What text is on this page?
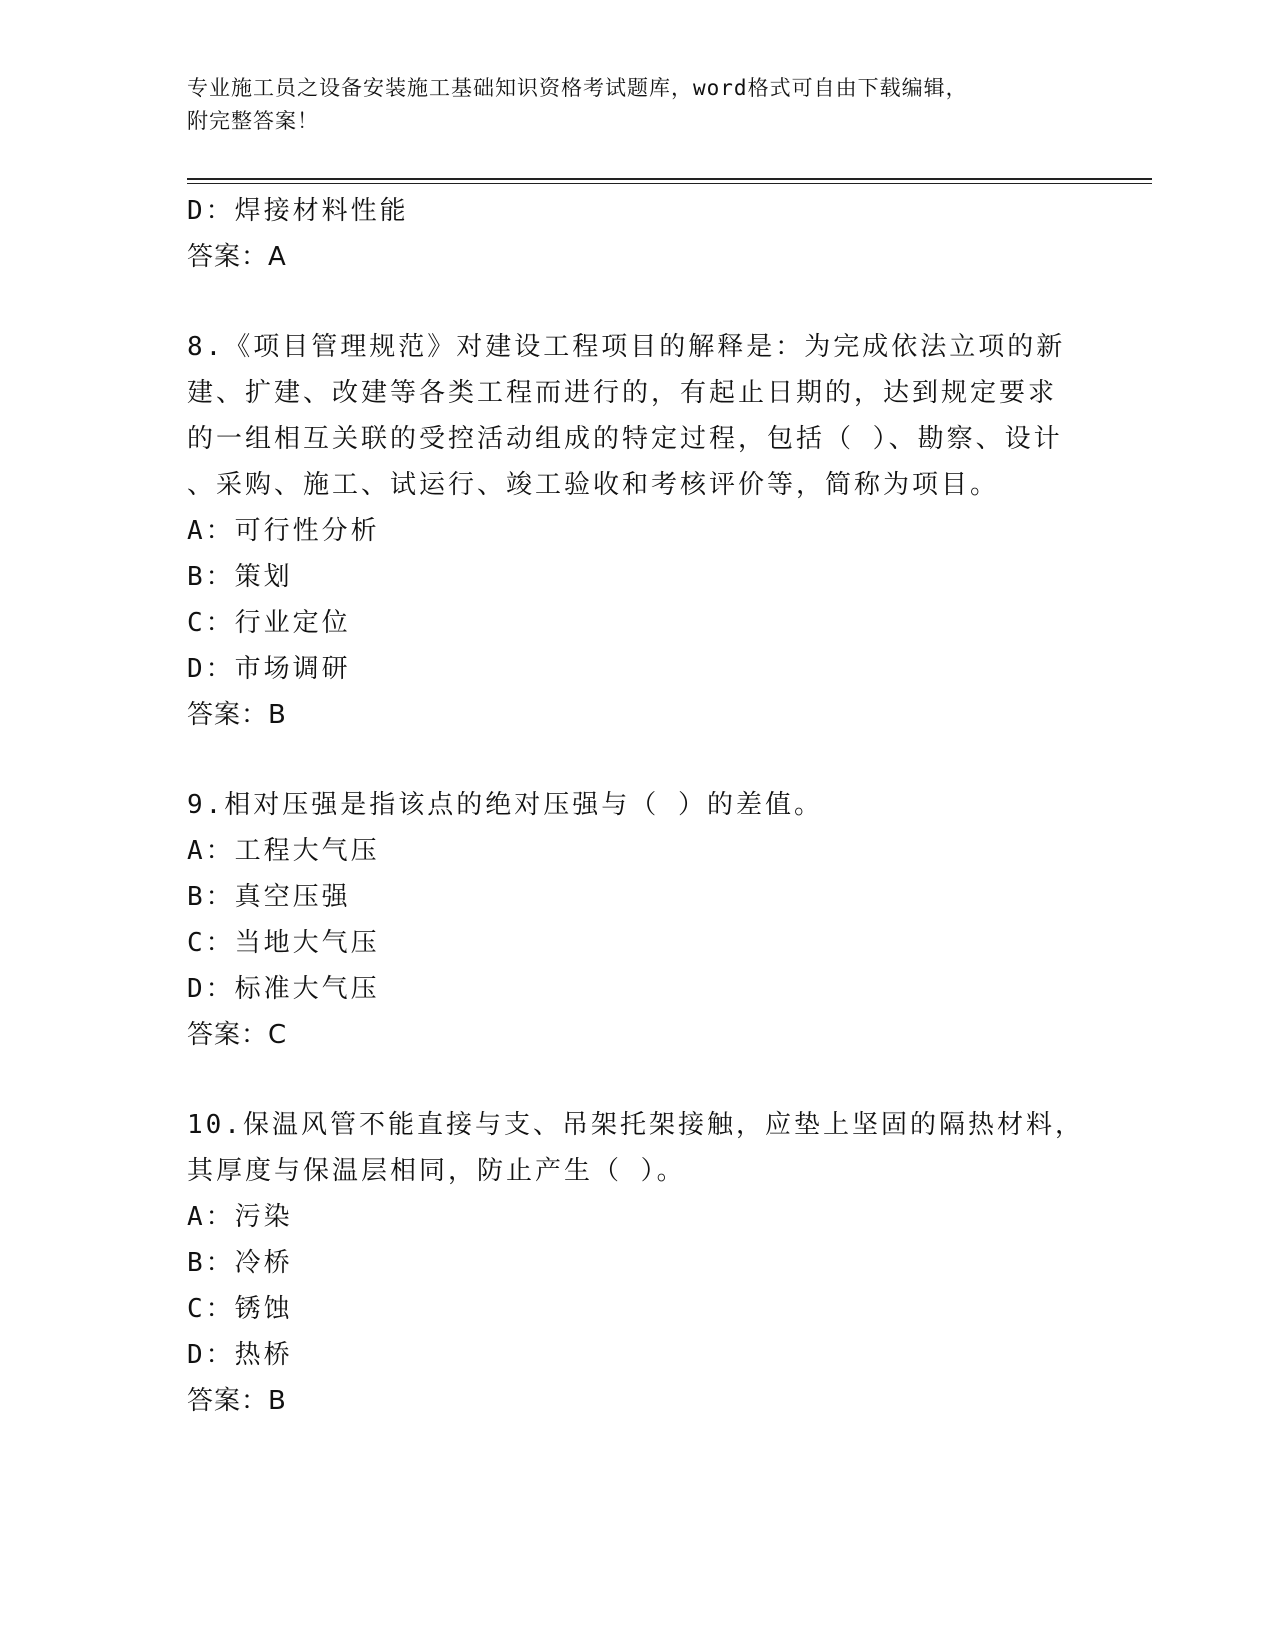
专业施工员之设备安装施工基础知识资格考试题库，word格式可自由下载编辑，
附完整答案！
D：焊接材料性能
答案：A
8.《项目管理规范》对建设工程项目的解释是：为完成依法立项的新
建、扩建、改建等各类工程而进行的，有起止日期的，达到规定要求
的一组相互关联的受控活动组成的特定过程，包括（ ）、勘察、设计
、采购、施工、试运行、竣工验收和考核评价等，简称为项目。
A：可行性分析
B：策划
C：行业定位
D：市场调研
答案：B
9.相对压强是指该点的绝对压强与（ ）的差值。
A：工程大气压
B：真空压强
C：当地大气压
D：标准大气压
答案：C
10.保温风管不能直接与支、吊架托架接触，应垫上坚固的隔热材料，
其厚度与保温层相同，防止产生（ ）。
A：污染
B：冷桥
C：锈蚀
D：热桥
答案：B
